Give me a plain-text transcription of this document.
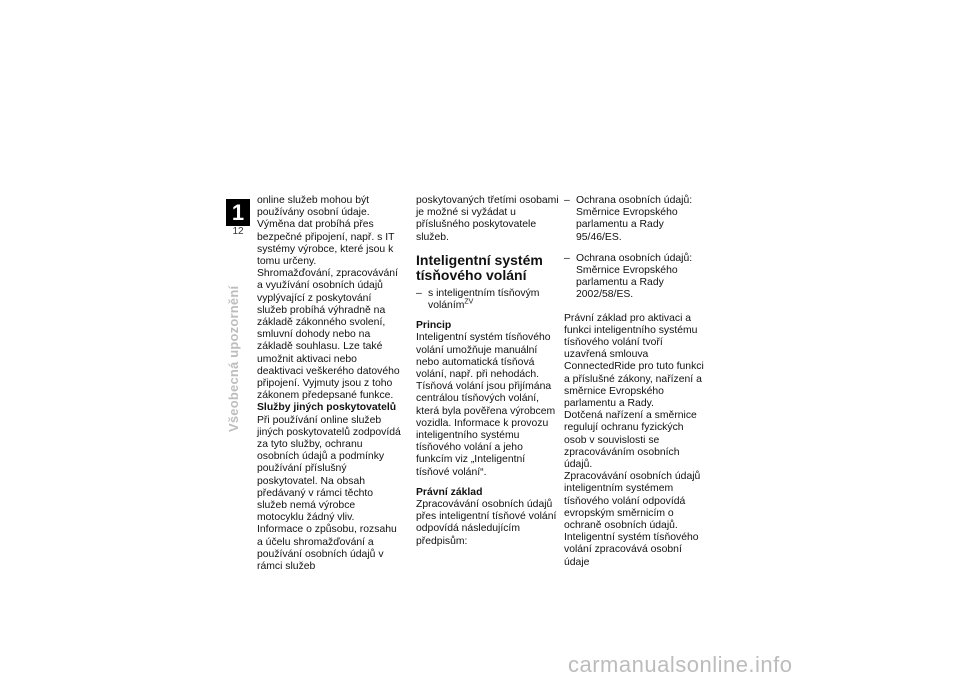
1
12
Všeobecná upozornění

online služeb mohou být používány osobní údaje. Výměna dat probíhá přes bezpečné připojení, např. s IT systémy výrobce, které jsou k tomu určeny.

Shromažďování, zpracovávání a využívání osobních údajů vyplývající z poskytování služeb probíhá výhradně na základě zákonného svolení, smluvní dohody nebo na základě souhlasu. Lze také umožnit aktivaci nebo deaktivaci veškerého datového připojení. Vyjmuty jsou z toho zákonem předepsané funkce.

Služby jiných poskytovatelů

Při používání online služeb jiných poskytovatelů zodpovídá za tyto služby, ochranu osobních údajů a podmínky používání příslušný poskytovatel. Na obsah předávaný v rámci těchto služeb nemá výrobce motocyklu žádný vliv. Informace o způsobu, rozsahu a účelu shromažďování a používání osobních údajů v rámci služeb

poskytovaných třetími osobami je možné si vyžádat u příslušného poskytovatele služeb.

Inteligentní systém tísňového volání

– s inteligentním tísňovým voláním$^{ZV}$

Princip

Inteligentní systém tísňového volání umožňuje manuální nebo automatická tísňová volání, např. při nehodách.

Tísňová volání jsou přijímána centrálou tísňových volání, která byla pověřena výrobcem vozidla. Informace k provozu inteligentního systému tísňového volání a jeho funkcím viz „Inteligentní tísňové volání“.

Právní základ

Zpracovávání osobních údajů přes inteligentní tísňové volání odpovídá následujícím předpisům:

– Ochrana osobních údajů: Směrnice Evropského parlamentu a Rady 95/46/ES.

– Ochrana osobních údajů: Směrnice Evropského parlamentu a Rady 2002/58/ES.

Právní základ pro aktivaci a funkci inteligentního systému tísňového volání tvoří uzavřená smlouva ConnectedRide pro tuto funkci a příslušné zákony, nařízení a směrnice Evropského parlamentu a Rady.

Dotčená nařízení a směrnice regulují ochranu fyzických osob v souvislosti se zpracováváním osobních údajů.

Zpracovávání osobních údajů inteligentním systémem tísňového volání odpovídá evropským směrnicím o ochraně osobních údajů. Inteligentní systém tísňového volání zpracovává osobní údaje

carmanualsonline.info
